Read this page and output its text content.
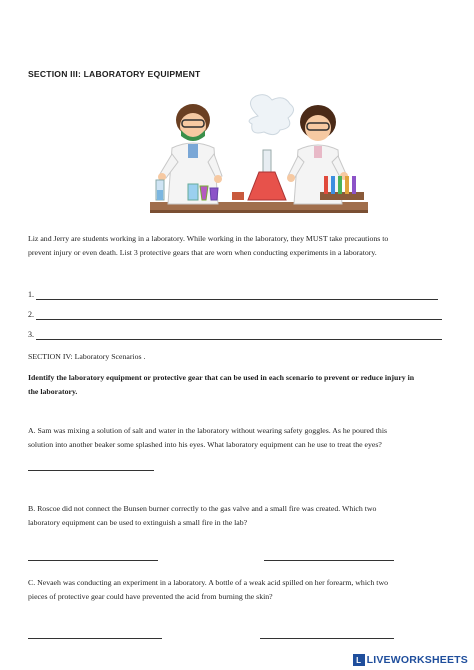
SECTION III: LABORATORY EQUIPMENT
Liz and Jerry are students working in a laboratory. While working in the laboratory, they MUST take precautions to
prevent injury or even death. List 3 protective gears that are worn when conducting experiments in a laboratory.
1.
2.
3.
SECTION IV: Laboratory Scenarios .
Identify the laboratory equipment or protective gear that can be used in each scenario to prevent or reduce injury in
the laboratory.
A. Sam was mixing a solution of salt and water in the laboratory without wearing safety goggles. As he poured this
solution into another beaker some splashed into his eyes. What laboratory equipment can he use to treat the eyes?
B. Roscoe did not connect the Bunsen burner correctly to the gas valve and a small fire was created. Which two
laboratory equipment can be used to extinguish a small fire in the lab?
C. Nevaeh was conducting an experiment in a laboratory. A bottle of a weak acid spilled on her forearm, which two
pieces of protective gear could have prevented the acid from burning the skin?
L LIVEWORKSHEETS
